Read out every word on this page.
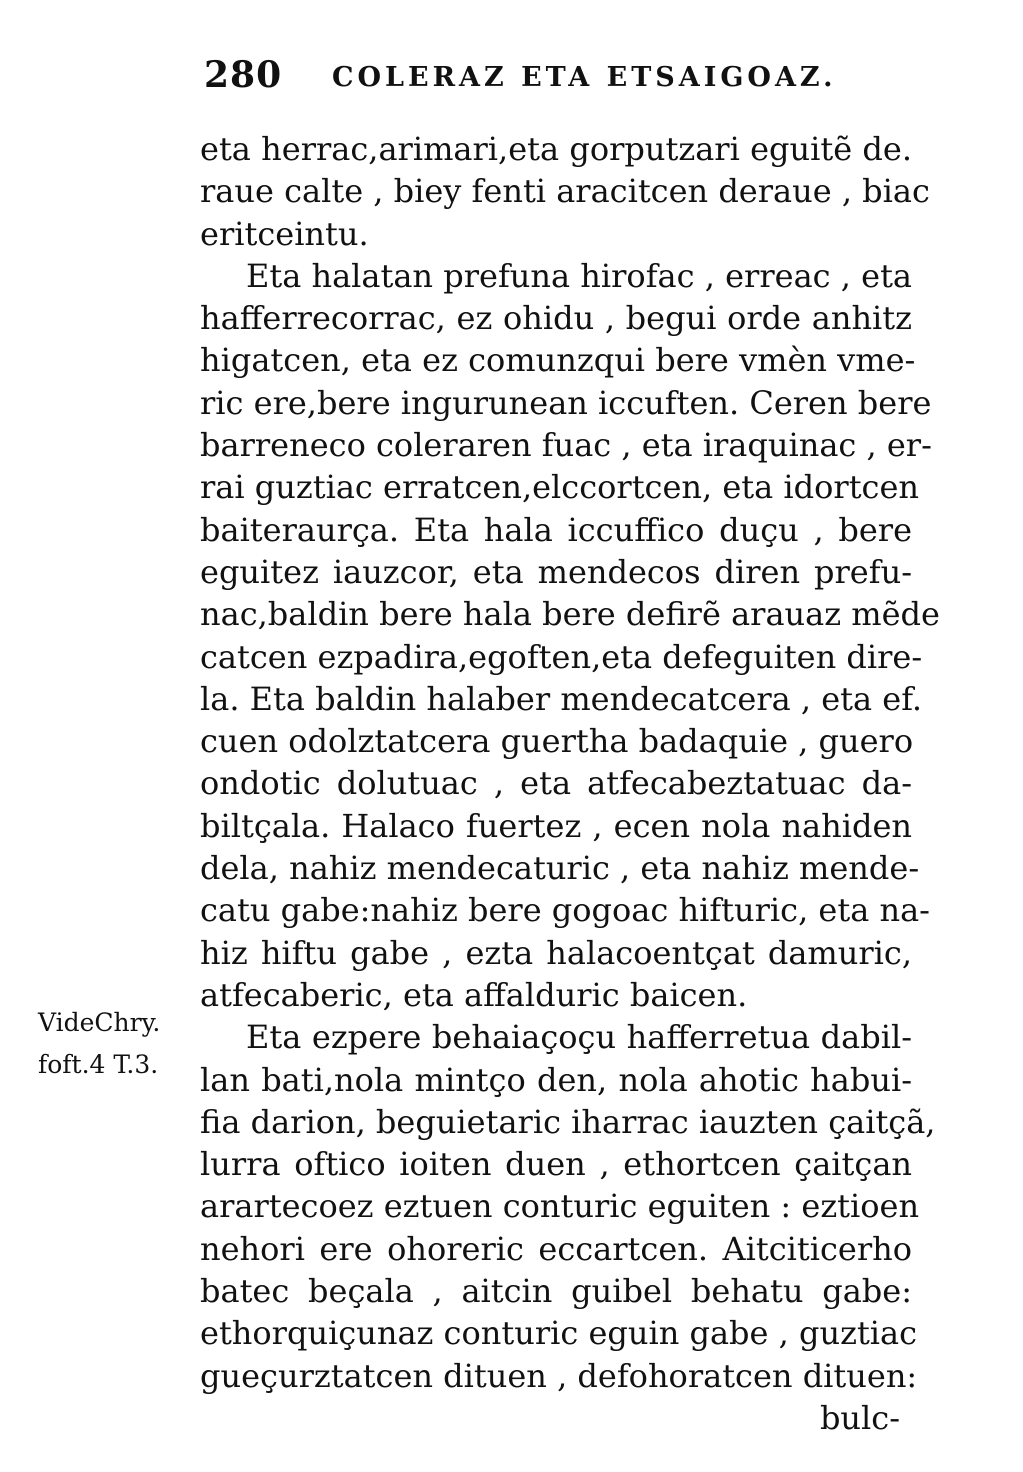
280 COLERAZ ETA ETSAIGOAZ.
VideChry.
foft.4 T.3.
eta herrac,arimari,eta gorputzari eguitẽ de.
raue calte , biey fenti aracitcen deraue , biac
eritceintu.
Eta halatan prefuna hirofac , erreac , eta
hafferrecorrac, ez ohidu , begui orde anhitz
higatcen, eta ez comunzqui bere vmèn vme-
ric ere,bere ingurunean iccuften. Ceren bere
barreneco coleraren fuac , eta iraquinac , er-
rai guztiac erratcen,elccortcen, eta idortcen
baiteraurça. Eta hala iccuffico duçu , bere
eguitez iauzcor, eta mendecos diren prefu-
nac,baldin bere hala bere defirẽ arauaz mẽde
catcen ezpadira,egoften,eta defeguiten dire-
la. Eta baldin halaber mendecatcera , eta ef.
cuen odolztatcera guertha badaquie , guero
ondotic dolutuac , eta atfecabeztatuac da-
biltçala. Halaco fuertez , ecen nola nahiden
dela, nahiz mendecaturic , eta nahiz mende-
catu gabe:nahiz bere gogoac hifturic, eta na-
hiz hiftu gabe , ezta halacoentçat damuric,
atfecaberic, eta affalduric baicen.
Eta ezpere behaiaçoçu hafferretua dabil-
lan bati,nola mintço den, nola ahotic habui-
fia darion, beguietaric iharrac iauzten çaitçã,
lurra oftico ioiten duen , ethortcen çaitçan
arartecoez eztuen conturic eguiten : eztioen
nehori ere ohoreric eccartcen. Aitciticerho
batec beçala , aitcin guibel behatu gabe:
ethorquiçunaz conturic eguin gabe , guztiac
gueçurztatcen dituen , defohoratcen dituen:
bulc-
